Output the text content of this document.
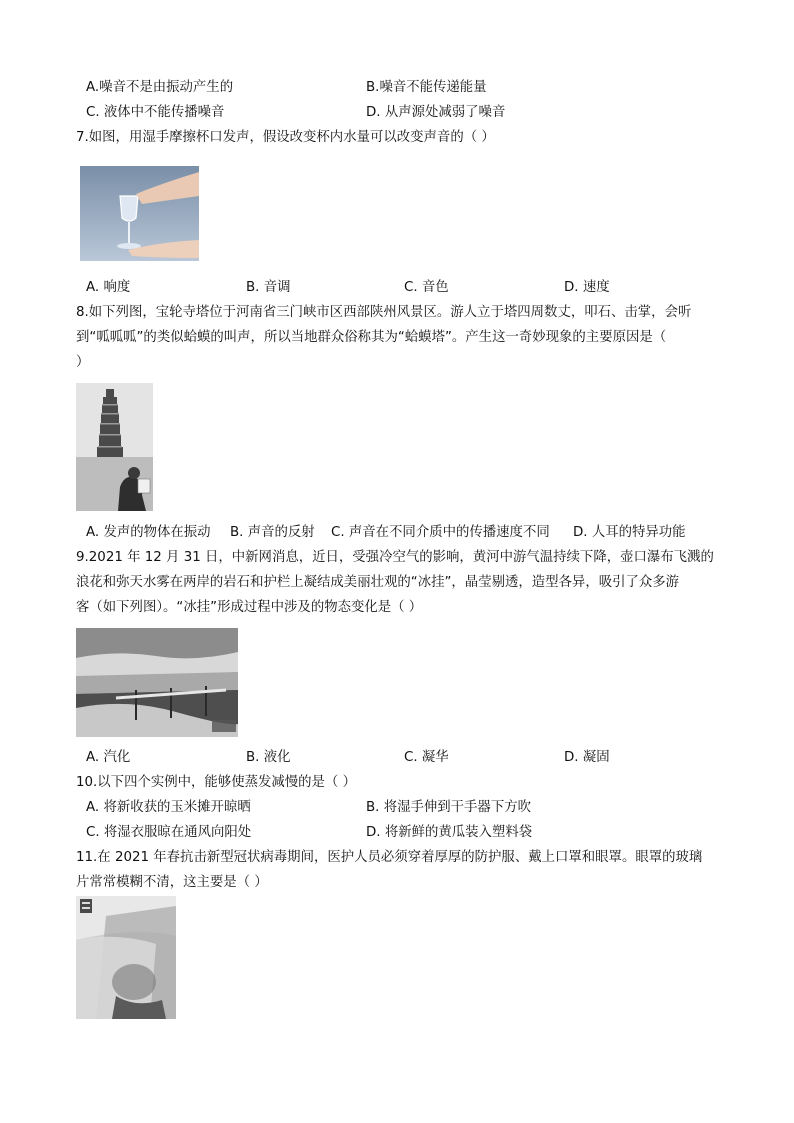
A.噪音不是由振动产生的	B.噪音不能传递能量
C. 液体中不能传播噪音	D. 从声源处减弱了噪音
7.如图，用湿手摩擦杯口发声，假设改变杯内水量可以改变声音的（ ）
A. 响度	B. 音调	C. 音色	D. 速度
8.如下列图，宝轮寺塔位于河南省三门峡市区西部陕州风景区。游人立于塔四周数丈，叩石、击掌，会听
到“呱呱呱”的类似蛤蟆的叫声，所以当地群众俗称其为“蛤蟆塔”。产生这一奇妙现象的主要原因是（
）
A. 发声的物体在振动 B. 声音的反射 C. 声音在不同介质中的传播速度不同 D. 人耳的特异功能
9.2021 年 12 月 31 日，中新网消息，近日，受强冷空气的影响，黄河中游气温持续下降，壶口瀑布飞溅的
浪花和弥天水雾在两岸的岩石和护栏上凝结成美丽壮观的“冰挂”，晶莹剔透，造型各异，吸引了众多游
客（如下列图）。“冰挂”形成过程中涉及的物态变化是（ ）
A. 汽化	B. 液化	C. 凝华	D. 凝固
10.以下四个实例中，能够使蒸发减慢的是（ ）
A. 将新收获的玉米摊开晾晒	B. 将湿手伸到干手器下方吹
C. 将湿衣服晾在通风向阳处	D. 将新鲜的黄瓜装入塑料袋
11.在 2021 年春抗击新型冠状病毒期间，医护人员必须穿着厚厚的防护服、戴上口罩和眼罩。眼罩的玻璃
片常常模糊不清，这主要是（ ）
